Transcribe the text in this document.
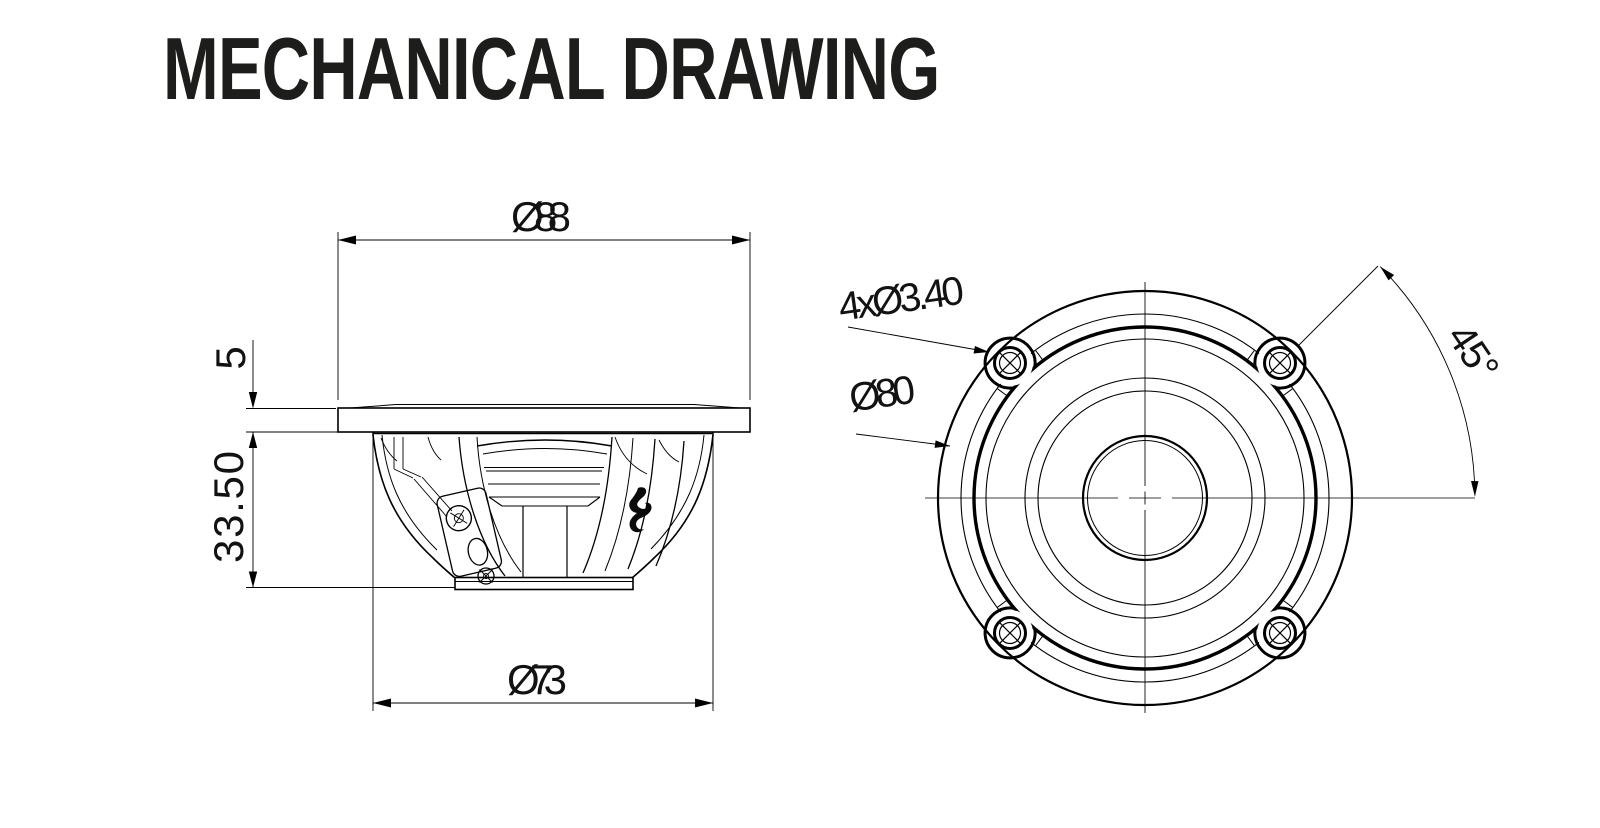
MECHANICAL DRAWING
Ø88
5
33.50
Ø73
4xØ3.40
Ø80
45°
